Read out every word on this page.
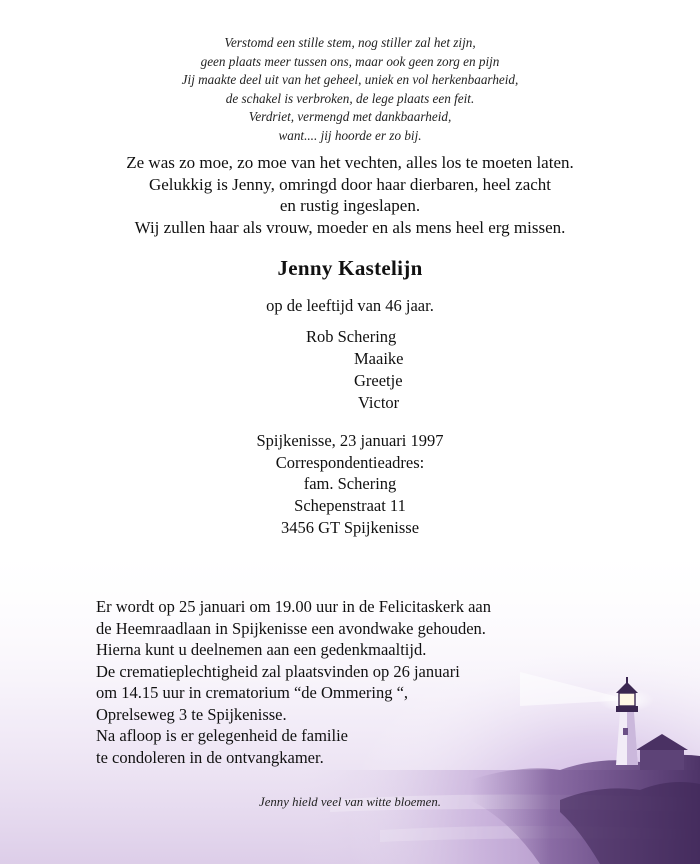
Verstomd een stille stem, nog stiller zal het zijn,
geen plaats meer tussen ons, maar ook geen zorg en pijn
Jij maakte deel uit van het geheel, uniek en vol herkenbaarheid,
de schakel is verbroken, de lege plaats een feit.
Verdriet, vermengd met dankbaarheid,
want.... jij hoorde er zo bij.
Ze was zo moe, zo moe van het vechten, alles los te moeten laten.
Gelukkig is Jenny, omringd door haar dierbaren, heel zacht
en rustig ingeslapen.
Wij zullen haar als vrouw, moeder en als mens heel erg missen.
Jenny Kastelijn
op de leeftijd van 46 jaar.
Rob Schering
Maaike
Greetje
Victor
Spijkenisse, 23 januari 1997
Correspondentieadres:
fam. Schering
Schepenstraat 11
3456 GT Spijkenisse
Er wordt op 25 januari om 19.00 uur in de Felicitaskerk aan
de Heemraadlaan in Spijkenisse een avondwake gehouden.
Hierna kunt u deelnemen aan een gedenkmaaltijd.
De crematieplechtigheid zal plaatsvinden op 26 januari
om 14.15 uur in crematorium “de Ommering “,
Oprelseweg 3 te Spijkenisse.
Na afloop is er gelegenheid de familie
te condoleren in de ontvangkamer.
Jenny hield veel van witte bloemen.
